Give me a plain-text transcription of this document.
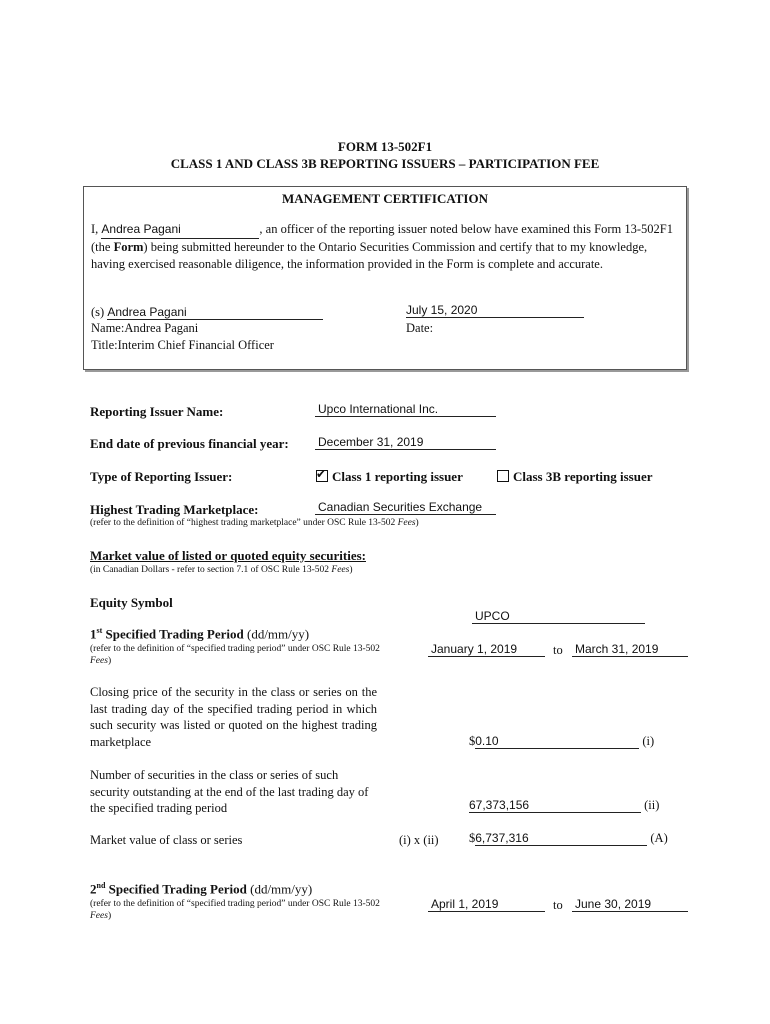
FORM 13-502F1
CLASS 1 AND CLASS 3B REPORTING ISSUERS – PARTICIPATION FEE
MANAGEMENT CERTIFICATION
I, Andrea Pagani	, an officer of the reporting issuer noted below have examined this Form 13-502F1 (the Form) being submitted hereunder to the Ontario Securities Commission and certify that to my knowledge, having exercised reasonable diligence, the information provided in the Form is complete and accurate.
(s) Andrea Pagani	July 15, 2020
Name:Andrea Pagani	Date:
Title:Interim Chief Financial Officer
Reporting Issuer Name:	Upco International Inc.
End date of previous financial year: December 31, 2019
Type of Reporting Issuer:
✔	Class 1 reporting issuer	Class 3B reporting issuer
Highest Trading Marketplace:	Canadian Securities Exchange
(refer to the definition of “highest trading marketplace” under OSC Rule 13-502 Fees)
Market value of listed or quoted equity securities:
(in Canadian Dollars - refer to section 7.1 of OSC Rule 13-502 Fees)
Equity Symbol
UPCO
1st Specified Trading Period (dd/mm/yy)
(refer to the definition of “specified trading period” under OSC Rule 13-502 Fees)
January 1, 2019	to March 31, 2019
Closing price of the security in the class or series on the last trading day of the specified trading period in which such security was listed or quoted on the highest trading marketplace	$0.10	(i)
Number of securities in the class or series of such security outstanding at the end of the last trading day of the specified trading period	67,373,156	(ii)
Market value of class or series	(i) x (ii) $6,737,316	(A)
2nd Specified Trading Period (dd/mm/yy)
(refer to the definition of “specified trading period” under OSC Rule 13-502 Fees)
April 1, 2019	to June 30, 2019
